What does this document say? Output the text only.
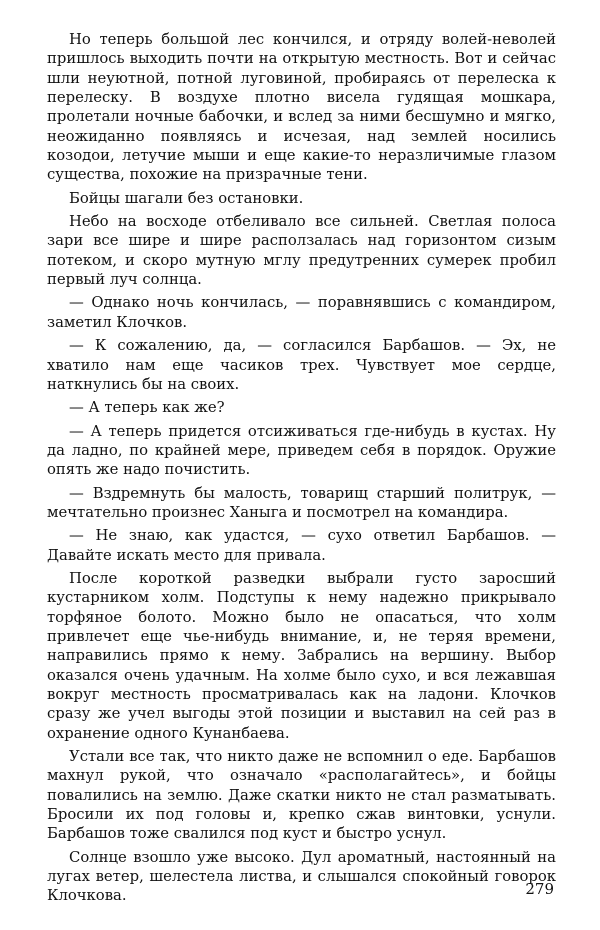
Но теперь большой лес кончился, и отряду волей-неволей пришлось выходить почти на открытую местность. Вот и сейчас шли неуютной, потной луговиной, пробираясь от перелеска к перелеску. В воздухе плотно висела гудящая мошкара, пролетали ночные бабочки, и вслед за ними бесшумно и мягко, неожиданно появляясь и исчезая, над землей носились козодои, летучие мыши и еще какие-то неразличимые глазом существа, похожие на призрачные тени.

Бойцы шагали без остановки.

Небо на восходе отбеливало все сильней. Светлая полоса зари все шире и шире расползалась над горизонтом сизым потеком, и скоро мутную мглу предутренних сумерек пробил первый луч солнца.

— Однако ночь кончилась, — поравнявшись с командиром, заметил Клочков.

— К сожалению, да, — согласился Барбашов. — Эх, не хватило нам еще часиков трех. Чувствует мое сердце, наткнулись бы на своих.

— А теперь как же?

— А теперь придется отсиживаться где-нибудь в кустах. Ну да ладно, по крайней мере, приведем себя в порядок. Оружие опять же надо почистить.

— Вздремнуть бы малость, товарищ старший политрук, — мечтательно произнес Ханыга и посмотрел на командира.

— Не знаю, как удастся, — сухо ответил Барбашов. — Давайте искать место для привала.

После короткой разведки выбрали густо заросший кустарником холм. Подступы к нему надежно прикрывало торфяное болото. Можно было не опасаться, что холм привлечет еще чье-нибудь внимание, и, не теряя времени, направились прямо к нему. Забрались на вершину. Выбор оказался очень удачным. На холме было сухо, и вся лежавшая вокруг местность просматривалась как на ладони. Клочков сразу же учел выгоды этой позиции и выставил на сей раз в охранение одного Кунанбаева.

Устали все так, что никто даже не вспомнил о еде. Барбашов махнул рукой, что означало «располагайтесь», и бойцы повалились на землю. Даже скатки никто не стал разматывать. Бросили их под головы и, крепко сжав винтовки, уснули. Барбашов тоже свалился под куст и быстро уснул.

Солнце взошло уже высоко. Дул ароматный, настоянный на лугах ветер, шелестела листва, и слышался спокойный говорок Клочкова.	279
